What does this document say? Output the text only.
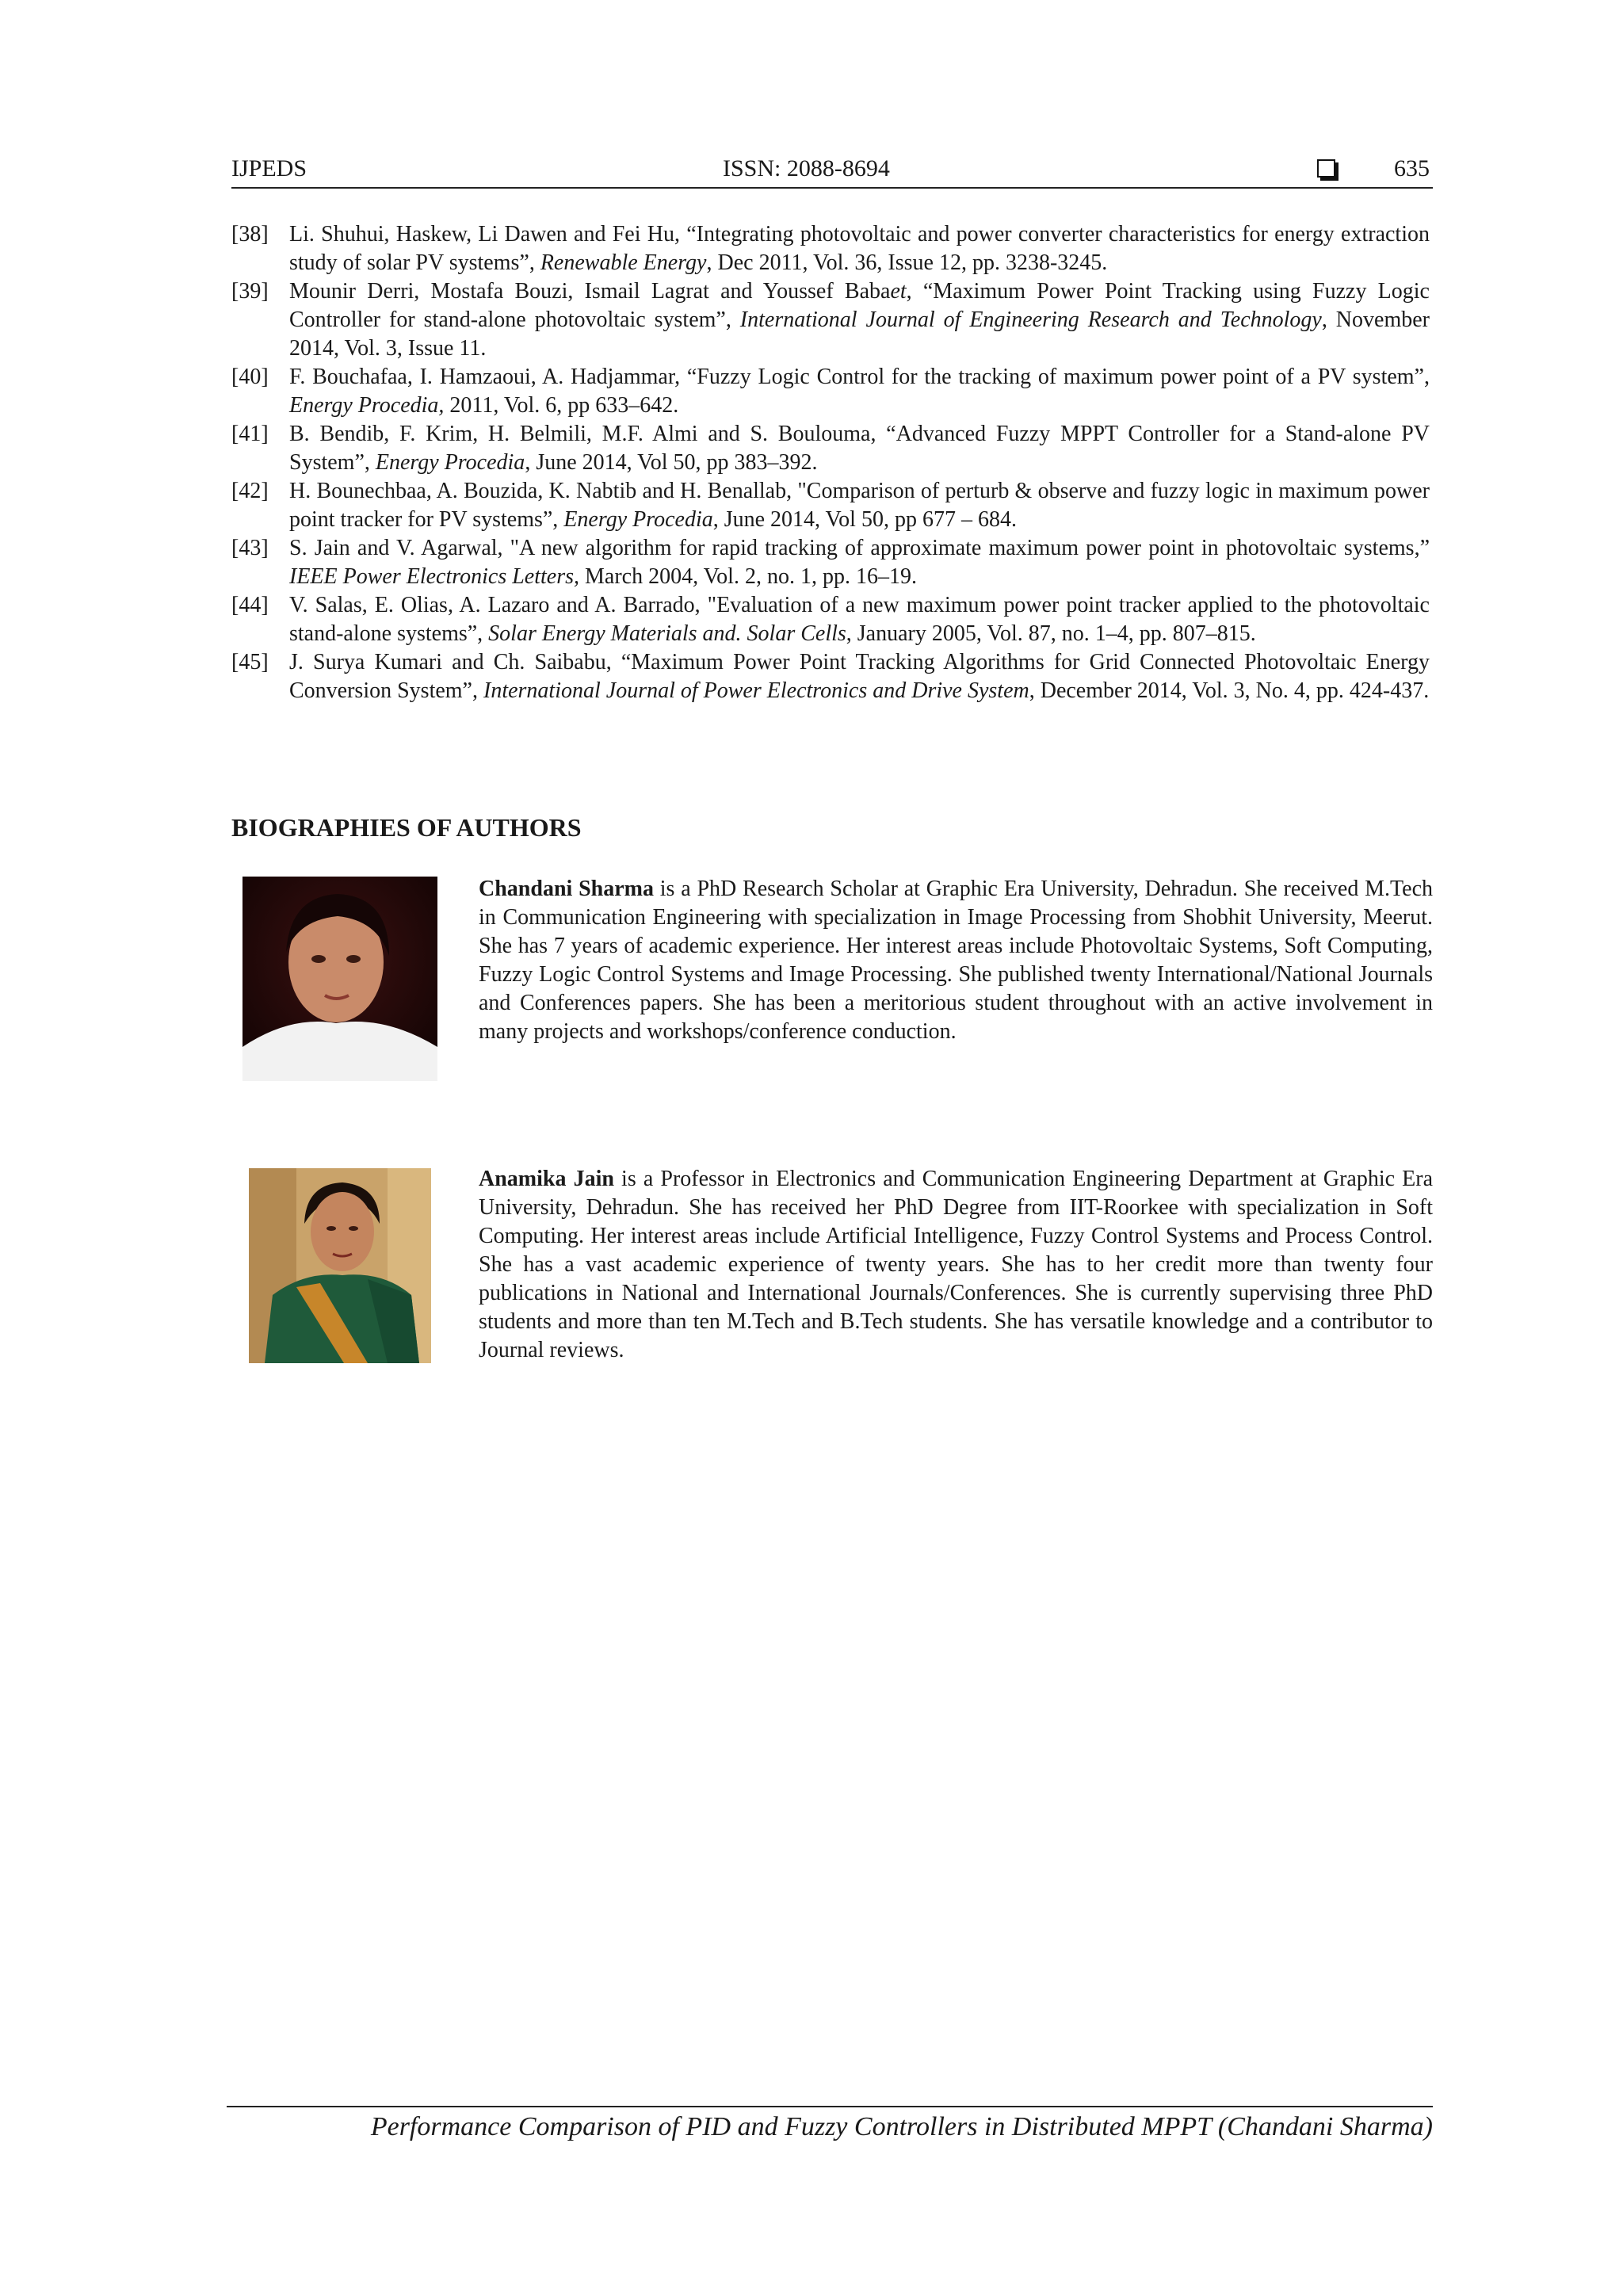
IJPEDS	ISSN: 2088-8694	635
[38] Li. Shuhui, Haskew, Li Dawen and Fei Hu, “Integrating photovoltaic and power converter characteristics for energy extraction study of solar PV systems”, Renewable Energy, Dec 2011, Vol. 36, Issue 12, pp. 3238-3245.
[39] Mounir Derri, Mostafa Bouzi, Ismail Lagrat and Youssef Babaet, “Maximum Power Point Tracking using Fuzzy Logic Controller for stand-alone photovoltaic system”, International Journal of Engineering Research and Technology, November 2014, Vol. 3, Issue 11.
[40] F. Bouchafaa, I. Hamzaoui, A. Hadjammar, “Fuzzy Logic Control for the tracking of maximum power point of a PV system”, Energy Procedia, 2011, Vol. 6, pp 633–642.
[41] B. Bendib, F. Krim, H. Belmili, M.F. Almi and S. Boulouma, “Advanced Fuzzy MPPT Controller for a Stand-alone PV System”, Energy Procedia, June 2014, Vol 50, pp 383–392.
[42] H. Bounechbaa, A. Bouzida, K. Nabtib and H. Benallab, "Comparison of perturb & observe and fuzzy logic in maximum power point tracker for PV systems”, Energy Procedia, June 2014, Vol 50, pp 677 – 684.
[43] S. Jain and V. Agarwal, "A new algorithm for rapid tracking of approximate maximum power point in photovoltaic systems,” IEEE Power Electronics Letters, March 2004, Vol. 2, no. 1, pp. 16–19.
[44] V. Salas, E. Olias, A. Lazaro and A. Barrado, "Evaluation of a new maximum power point tracker applied to the photovoltaic stand-alone systems”, Solar Energy Materials and. Solar Cells, January 2005, Vol. 87, no. 1–4, pp. 807–815.
[45] J. Surya Kumari and Ch. Saibabu, “Maximum Power Point Tracking Algorithms for Grid Connected Photovoltaic Energy Conversion System”, International Journal of Power Electronics and Drive System, December 2014, Vol. 3, No. 4, pp. 424-437.
BIOGRAPHIES OF AUTHORS
Chandani Sharma is a PhD Research Scholar at Graphic Era University, Dehradun. She received M.Tech in Communication Engineering with specialization in Image Processing from Shobhit University, Meerut. She has 7 years of academic experience. Her interest areas include Photovoltaic Systems, Soft Computing, Fuzzy Logic Control Systems and Image Processing. She published twenty International/National Journals and Conferences papers. She has been a meritorious student throughout with an active involvement in many projects and workshops/conference conduction.
Anamika Jain is a Professor in Electronics and Communication Engineering Department at Graphic Era University, Dehradun. She has received her PhD Degree from IIT-Roorkee with specialization in Soft Computing. Her interest areas include Artificial Intelligence, Fuzzy Control Systems and Process Control. She has a vast academic experience of twenty years. She has to her credit more than twenty four publications in National and International Journals/Conferences. She is currently supervising three PhD students and more than ten M.Tech and B.Tech students. She has versatile knowledge and a contributor to Journal reviews.
Performance Comparison of PID and Fuzzy Controllers in Distributed MPPT (Chandani Sharma)
